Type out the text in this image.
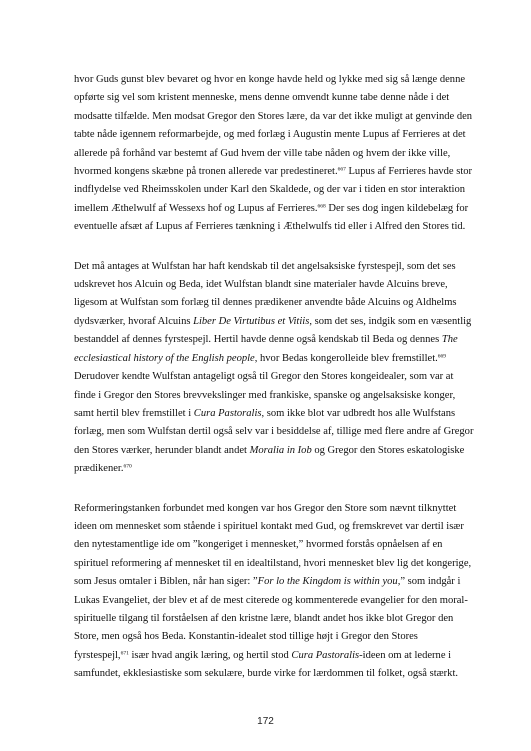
hvor Guds gunst blev bevaret og hvor en konge havde held og lykke med sig så længe denne opførte sig vel som kristent menneske, mens denne omvendt kunne tabe denne nåde i det modsatte tilfælde. Men modsat Gregor den Stores lære, da var det ikke muligt at genvinde den tabte nåde igennem reformarbejde, og med forlæg i Augustin mente Lupus af Ferrieres at det allerede på forhånd var bestemt af Gud hvem der ville tabe nåden og hvem der ikke ville, hvormed kongens skæbne på tronen allerede var predestineret.$^{667}$ Lupus af Ferrieres havde stor indflydelse ved Rheimsskolen under Karl den Skaldede, og der var i tiden en stor interaktion imellem Æthelwulf af Wessexs hof og Lupus af Ferrieres.$^{668}$ Der ses dog ingen kildebelæg for eventuelle afsæt af Lupus af Ferrieres tænkning i Æthelwulfs tid eller i Alfred den Stores tid.

Det må antages at Wulfstan har haft kendskab til det angelsaksiske fyrstespejl, som det ses udskrevet hos Alcuin og Beda, idet Wulfstan blandt sine materialer havde Alcuins breve, ligesom at Wulfstan som forlæg til dennes prædikener anvendte både Alcuins og Aldhelms dydsværker, hvoraf Alcuins Liber De Virtutibus et Vitiis, som det ses, indgik som en væsentlig bestanddel af dennes fyrstespejl. Hertil havde denne også kendskab til Beda og dennes The ecclesiastical history of the English people, hvor Bedas kongerolleide blev fremstillet.$^{669}$ Derudover kendte Wulfstan antageligt også til Gregor den Stores kongeidealer, som var at finde i Gregor den Stores brevvekslinger med frankiske, spanske og angelsaksiske konger, samt hertil blev fremstillet i Cura Pastoralis, som ikke blot var udbredt hos alle Wulfstans forlæg, men som Wulfstan dertil også selv var i besiddelse af, tillige med flere andre af Gregor den Stores værker, herunder blandt andet Moralia in Iob og Gregor den Stores eskatologiske prædikener.$^{670}$

Reformeringstanken forbundet med kongen var hos Gregor den Store som nævnt tilknyttet ideen om mennesket som stående i spirituel kontakt med Gud, og fremskrevet var dertil især den nytestamentlige ide om ”kongeriget i mennesket,” hvormed forstås opnåelsen af en spirituel reformering af mennesket til en idealtilstand, hvori mennesket blev lig det kongerige, som Jesus omtaler i Biblen, når han siger: ”For lo the Kingdom is within you,” som indgår i Lukas Evangeliet, der blev et af de mest citerede og kommenterede evangelier for den moral-spirituelle tilgang til forståelsen af den kristne lære, blandt andet hos ikke blot Gregor den Store, men også hos Beda. Konstantin-idealet stod tillige højt i Gregor den Stores fyrstespejl,$^{671}$ især hvad angik læring, og hertil stod Cura Pastoralis-ideen om at lederne i samfundet, ekklesiastiske som sekulære, burde virke for lærdommen til folket, også stærkt.

172
